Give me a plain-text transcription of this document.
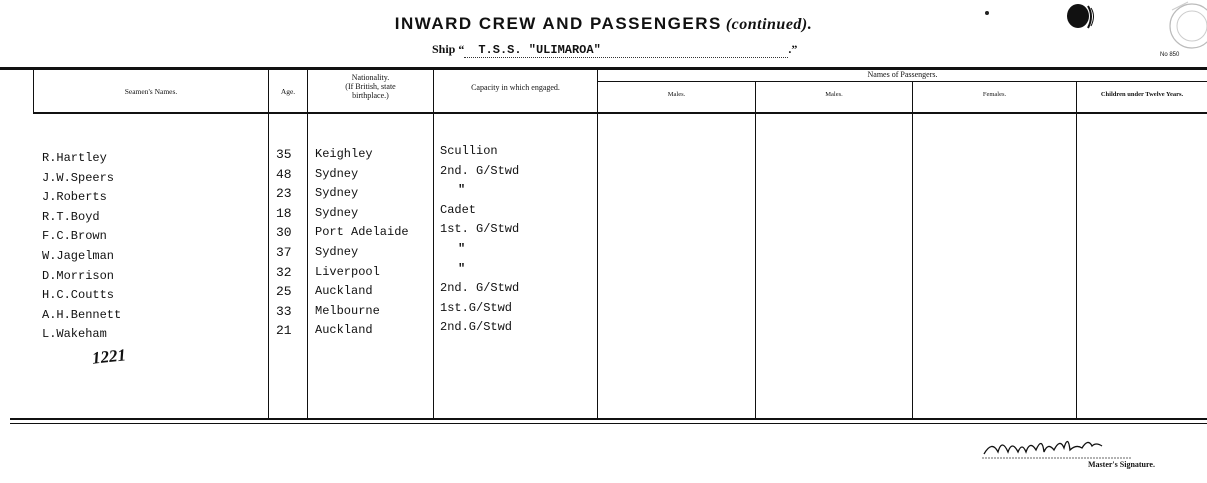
INWARD CREW AND PASSENGERS (continued).
Ship “ T.S.S. "ULIMAROA"	.”	No 850
Seamen's Names.	Age.
Nationality.
(If British, state
birthplace.)
Capacity in which engaged.
Names of Passengers.
Males.	Males.	Females.	Children under Twelve Years.
R.Hartley	35 Keighley	Scullion
J.W.Speers	48 Sydney	2nd. G/Stwd
J.Roberts	23 Sydney	"
R.T.Boyd	18 Sydney	Cadet
F.C.Brown	30 Port Adelaide	1st. G/Stwd
W.Jagelman	37 Sydney	"
D.Morrison	32 Liverpool	"
H.C.Coutts	25 Auckland	2nd. G/Stwd
A.H.Bennett	33 Melbourne	1st.G/Stwd
L.Wakeham	21 Auckland	2nd.G/Stwd
1221
Master's Signature.
